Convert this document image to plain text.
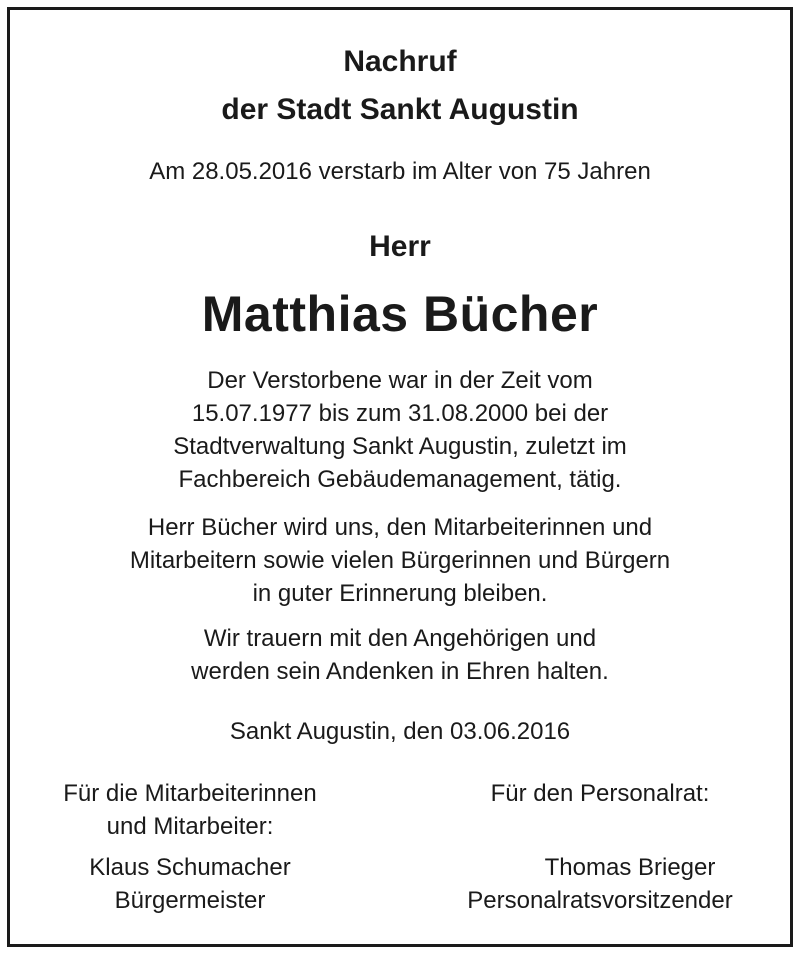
Nachruf
der Stadt Sankt Augustin
Am 28.05.2016 verstarb im Alter von 75 Jahren
Herr
Matthias Bücher
Der Verstorbene war in der Zeit vom
15.07.1977 bis zum 31.08.2000 bei der
Stadtverwaltung Sankt Augustin, zuletzt im
Fachbereich Gebäudemanagement, tätig.
Herr Bücher wird uns, den Mitarbeiterinnen und
Mitarbeitern sowie vielen Bürgerinnen und Bürgern
in guter Erinnerung bleiben.
Wir trauern mit den Angehörigen und
werden sein Andenken in Ehren halten.
Sankt Augustin, den 03.06.2016
Für die Mitarbeiterinnen
und Mitarbeiter:
Klaus Schumacher
Bürgermeister
Für den Personalrat:
Thomas Brieger
Personalratsvorsitzender
